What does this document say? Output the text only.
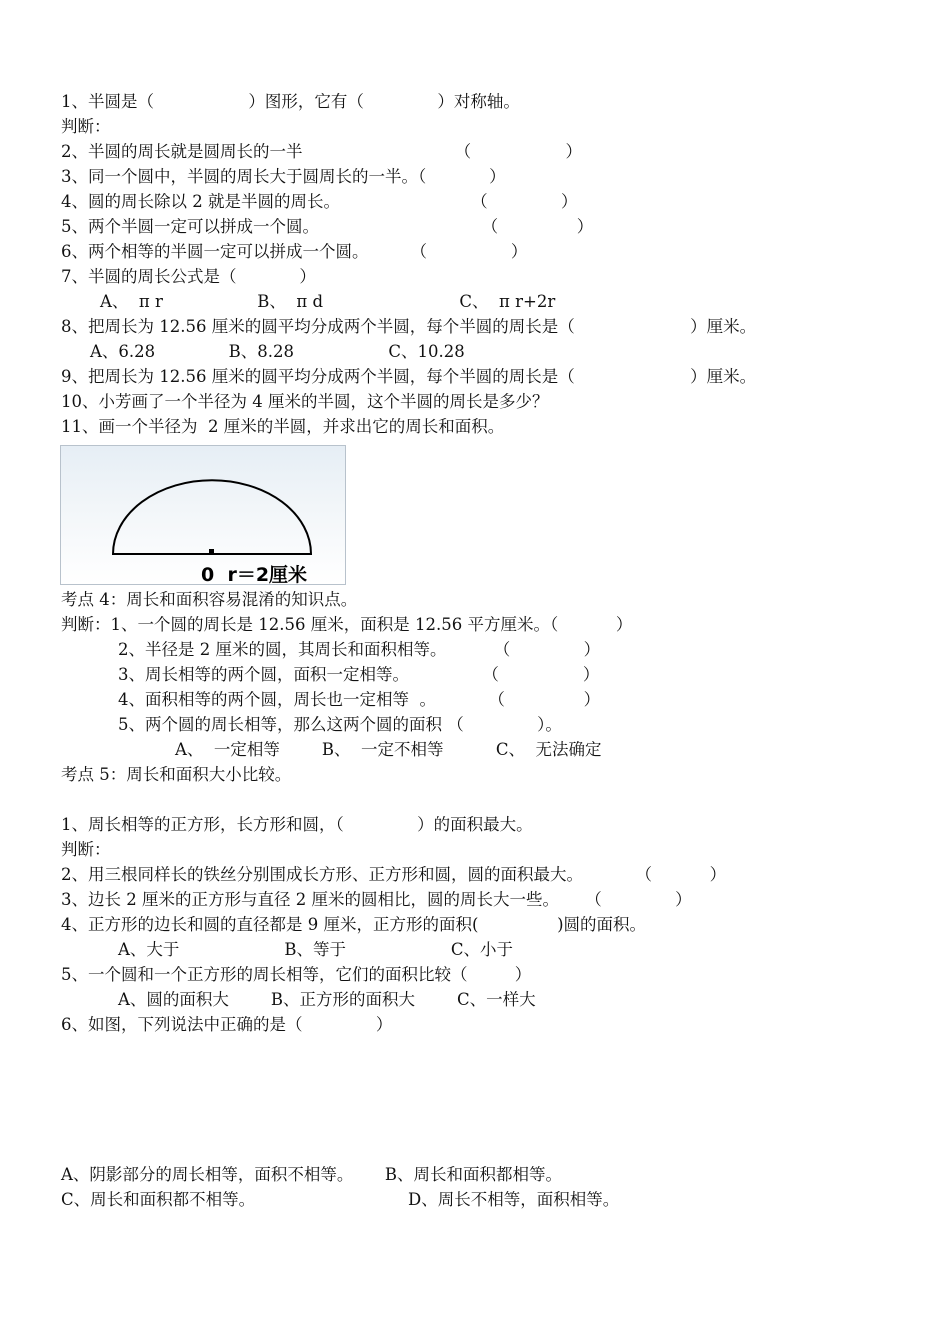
1、半圆是（                  ）图形，它有（              ）对称轴。
判断：
2、半圆的周长就是圆周长的一半                             （                  ）
3、同一个圆中，半圆的周长大于圆周长的一半。（            ）
4、圆的周长除以 2 就是半圆的周长。                         （              ）
5、两个半圆一定可以拼成一个圆。                               （               ）
6、两个相等的半圆一定可以拼成一个圆。        （                ）
7、半圆的周长公式是（            ）
A、  π r                  B、  π d                          C、  π r+2r
8、把周长为 12.56 厘米的圆平均分成两个半圆，每个半圆的周长是（                      ）厘米。
A、6.28              B、8.28                  C、10.28
9、把周长为 12.56 厘米的圆平均分成两个半圆，每个半圆的周长是（                      ）厘米。
10、小芳画了一个半径为 4 厘米的半圆，这个半圆的周长是多少？
11、画一个半径为  2 厘米的半圆，并求出它的周长和面积。
0  r＝2厘米
考点 4：周长和面积容易混淆的知识点。
判断：1、一个圆的周长是 12.56 厘米，面积是 12.56 平方厘米。（           ）
2、半径是 2 厘米的圆，其周长和面积相等。         （              ）
3、周长相等的两个圆，面积一定相等。              （                ）
4、面积相等的两个圆，周长也一定相等  。          （               ）
5、两个圆的周长相等，那么这两个圆的面积 （              ）。
A、  一定相等        B、  一定不相等          C、  无法确定
考点 5：周长和面积大小比较。
1、周长相等的正方形，长方形和圆，（              ）的面积最大。
判断：
2、用三根同样长的铁丝分别围成长方形、正方形和圆，圆的面积最大。          （           ）
3、边长 2 厘米的正方形与直径 2 厘米的圆相比，圆的周长大一些。     （              ）
4、正方形的边长和圆的直径都是 9 厘米，正方形的面积(               )圆的面积。
A、大于                    B、等于                    C、小于
5、一个圆和一个正方形的周长相等，它们的面积比较（         ）
A、圆的面积大        B、正方形的面积大        C、一样大
6、如图，下列说法中正确的是（              ）
A、阴影部分的周长相等，面积不相等。      B、周长和面积都相等。
C、周长和面积都不相等。	D、周长不相等，面积相等。
